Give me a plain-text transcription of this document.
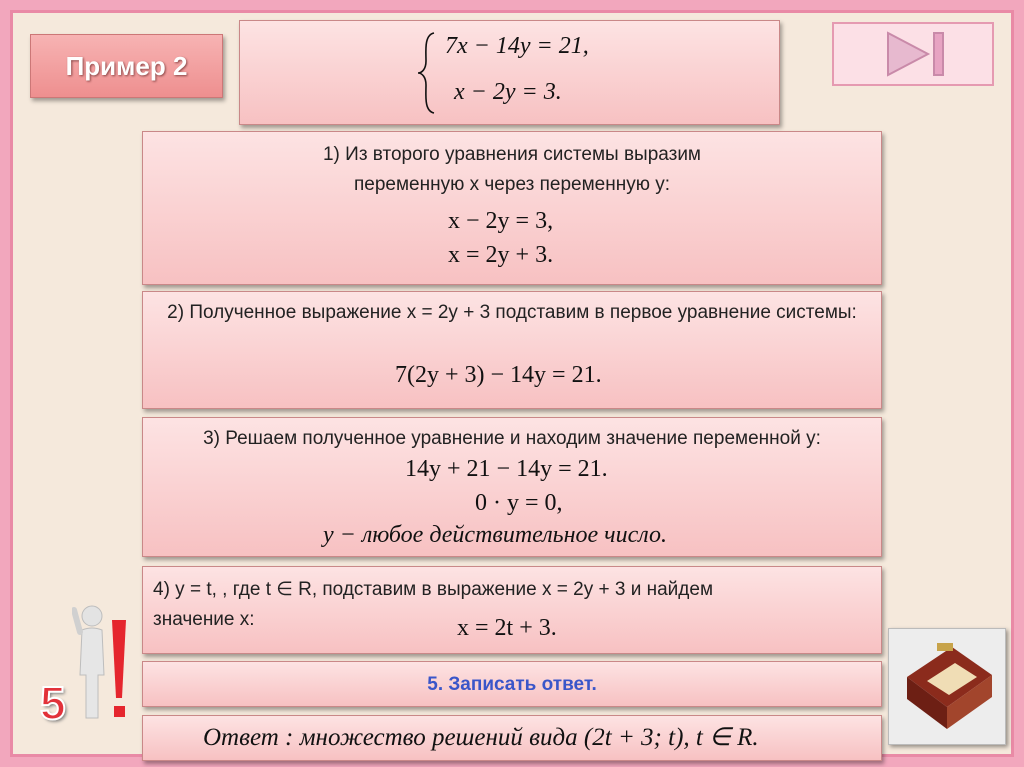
Пример 2
7x − 14y = 21,
x − 2y = 3.
1) Из второго уравнения системы выразим переменную х через переменную у:
x − 2y = 3,
x = 2y + 3.
2) Полученное выражение х = 2у + 3 подставим в первое уравнение системы:
7(2y + 3) − 14y = 21.
3) Решаем полученное уравнение и находим значение переменной у:
14y + 21 − 14y = 21.
0 · y = 0,
y − любое действительное число.
4) у = t, , где t ∈ R, подставим в выражение х = 2у + 3 и найдем значение х:	x = 2t + 3.
5. Записать ответ.
Ответ : множество решений вида (2t + 3; t), t ∈ R.
5
